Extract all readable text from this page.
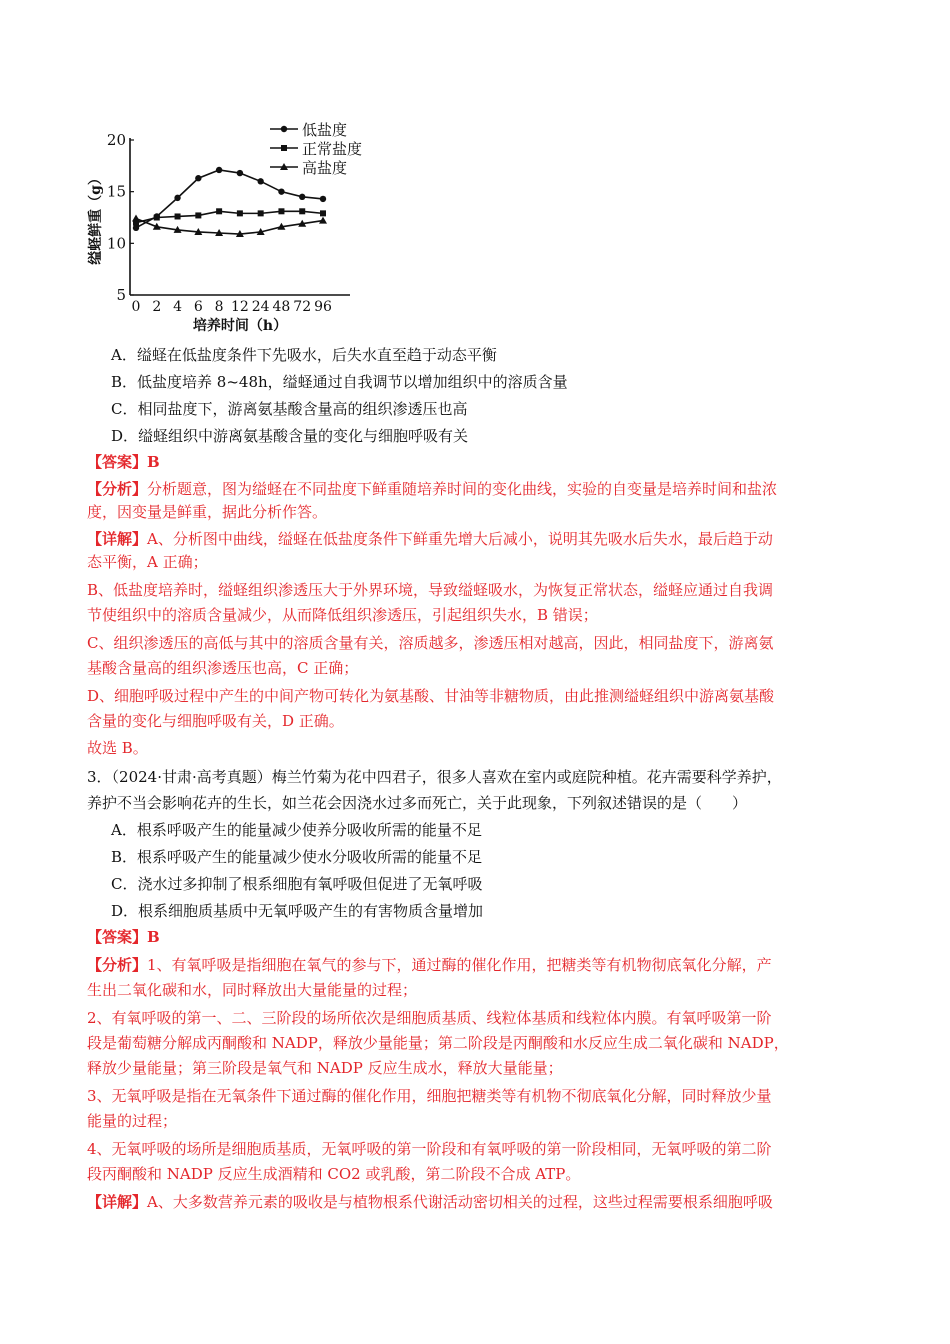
5
10
15
20
0 2 4 6 8 12 24 48 72 96
低盐度
正常盐度
高盐度
缢蛏鲜重（g）
培养时间（h）
A．缢蛏在低盐度条件下先吸水，后失水直至趋于动态平衡
B．低盐度培养 8~48h，缢蛏通过自我调节以增加组织中的溶质含量
C．相同盐度下，游离氨基酸含量高的组织渗透压也高
D．缢蛏组织中游离氨基酸含量的变化与细胞呼吸有关
【答案】B
【分析】分析题意，图为缢蛏在不同盐度下鲜重随培养时间的变化曲线，实验的自变量是培养时间和盐浓
度，因变量是鲜重，据此分析作答。
【详解】A、分析图中曲线，缢蛏在低盐度条件下鲜重先增大后减小，说明其先吸水后失水，最后趋于动
态平衡，A 正确；
B、低盐度培养时，缢蛏组织渗透压大于外界环境，导致缢蛏吸水，为恢复正常状态，缢蛏应通过自我调
节使组织中的溶质含量减少，从而降低组织渗透压，引起组织失水，B 错误；
C、组织渗透压的高低与其中的溶质含量有关，溶质越多，渗透压相对越高，因此，相同盐度下，游离氨
基酸含量高的组织渗透压也高，C 正确；
D、细胞呼吸过程中产生的中间产物可转化为氨基酸、甘油等非糖物质，由此推测缢蛏组织中游离氨基酸
含量的变化与细胞呼吸有关，D 正确。
故选 B。
3．（2024·甘肃·高考真题）梅兰竹菊为花中四君子，很多人喜欢在室内或庭院种植。花卉需要科学养护，
养护不当会影响花卉的生长，如兰花会因浇水过多而死亡，关于此现象，下列叙述错误的是（　　）
A．根系呼吸产生的能量减少使养分吸收所需的能量不足
B．根系呼吸产生的能量减少使水分吸收所需的能量不足
C．浇水过多抑制了根系细胞有氧呼吸但促进了无氧呼吸
D．根系细胞质基质中无氧呼吸产生的有害物质含量增加
【答案】B
【分析】1、有氧呼吸是指细胞在氧气的参与下，通过酶的催化作用，把糖类等有机物彻底氧化分解，产
生出二氧化碳和水，同时释放出大量能量的过程；
2、有氧呼吸的第一、二、三阶段的场所依次是细胞质基质、线粒体基质和线粒体内膜。有氧呼吸第一阶
段是葡萄糖分解成丙酮酸和 NADP，释放少量能量；第二阶段是丙酮酸和水反应生成二氧化碳和 NADP，
释放少量能量；第三阶段是氧气和 NADP 反应生成水，释放大量能量；
3、无氧呼吸是指在无氧条件下通过酶的催化作用，细胞把糖类等有机物不彻底氧化分解，同时释放少量
能量的过程；
4、无氧呼吸的场所是细胞质基质，无氧呼吸的第一阶段和有氧呼吸的第一阶段相同，无氧呼吸的第二阶
段丙酮酸和 NADP 反应生成酒精和 CO2 或乳酸，第二阶段不合成 ATP。
【详解】A、大多数营养元素的吸收是与植物根系代谢活动密切相关的过程，这些过程需要根系细胞呼吸
